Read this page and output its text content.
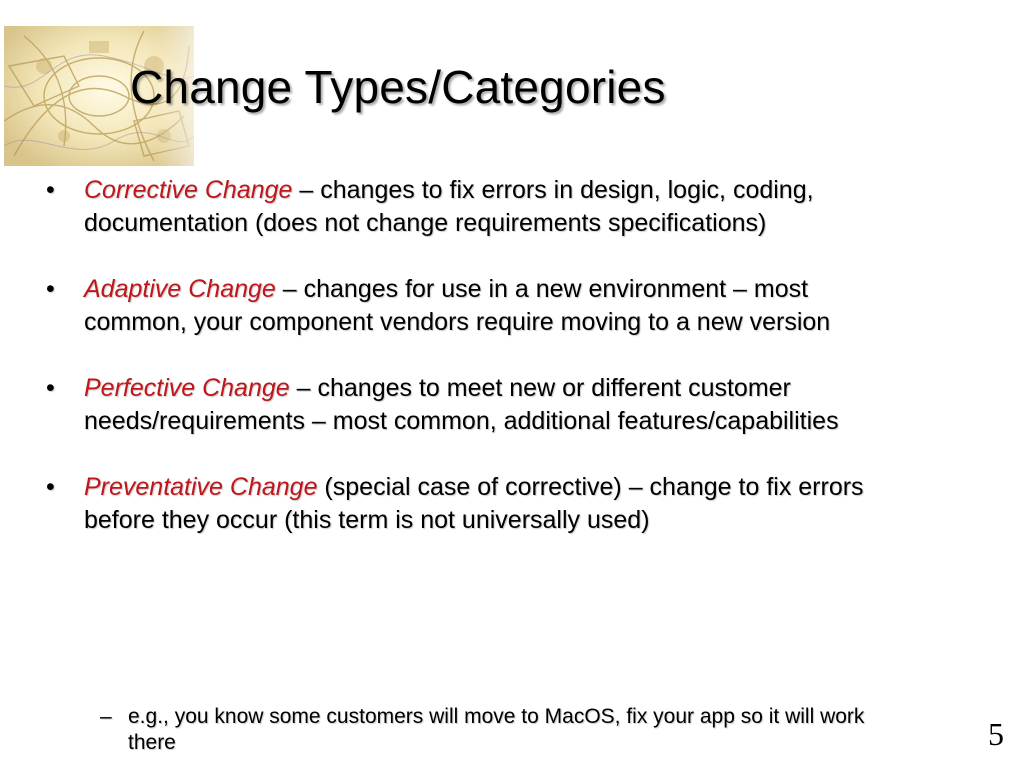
Change Types/Categories
• Corrective Change – changes to fix errors in design, logic, coding, documentation (does not change requirements specifications)
• Adaptive Change – changes for use in a new environment – most common, your component vendors require moving to a new version
• Perfective Change – changes to meet new or different customer needs/requirements – most common, additional features/capabilities
• Preventative Change (special case of corrective) – change to fix errors before they occur (this term is not universally used)
– e.g., you know some customers will move to MacOS, fix your app so it will work there	5
